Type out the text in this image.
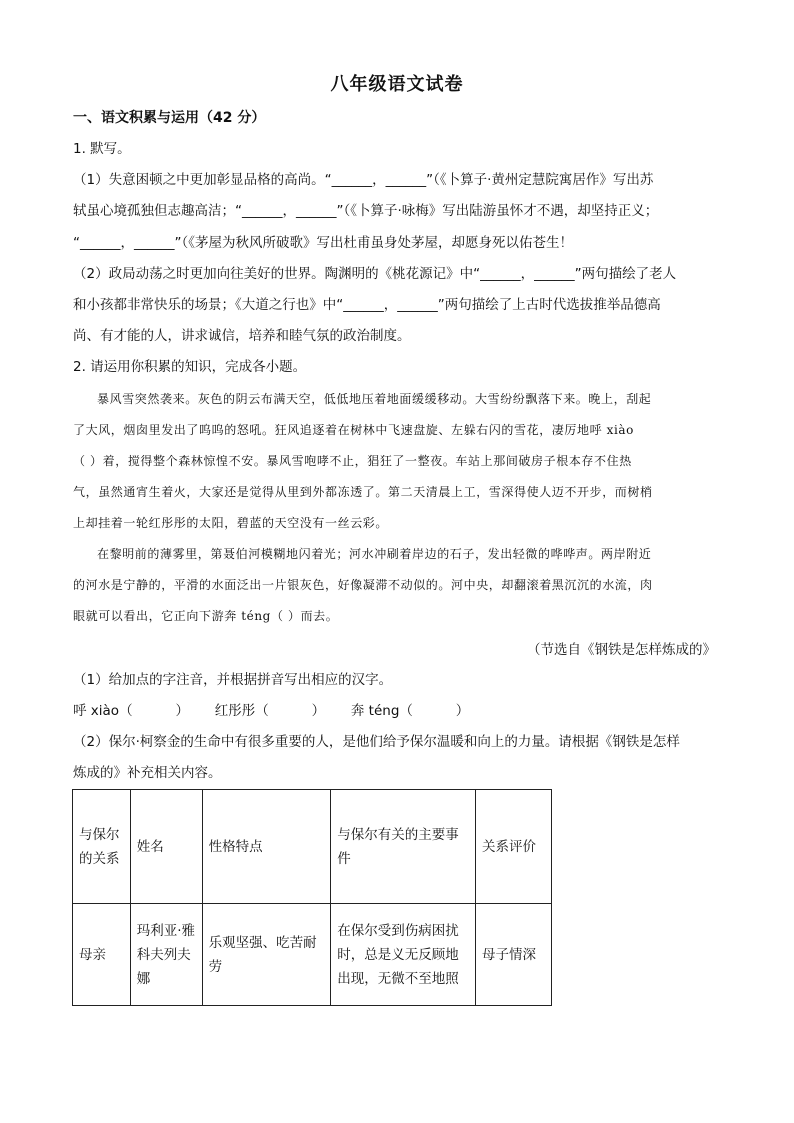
八年级语文试卷
一、语文积累与运用（42 分）
1. 默写。
（1）失意困顿之中更加彰显品格的高尚。“______，______”（《卜算子·黄州定慧院寓居作》写出苏
轼虽心境孤独但志趣高洁；“______，______”（《卜算子·咏梅》写出陆游虽怀才不遇，却坚持正义；
“______，______”（《茅屋为秋风所破歌》写出杜甫虽身处茅屋，却愿身死以佑苍生！
（2）政局动荡之时更加向往美好的世界。陶渊明的《桃花源记》中“______，______”两句描绘了老人
和小孩都非常快乐的场景；《大道之行也》中“______，______”两句描绘了上古时代选拔推举品德高
尚、有才能的人，讲求诚信，培养和睦气氛的政治制度。
2. 请运用你积累的知识，完成各小题。
暴风雪突然袭来。灰色的阴云布满天空，低低地压着地面缓缓移动。大雪纷纷飘落下来。晚上，刮起
了大风，烟囱里发出了呜呜的怒吼。狂风追逐着在树林中飞速盘旋、左躲右闪的雪花，凄厉地呼 xiào
（ ）着，搅得整个森林惊惶不安。暴风雪咆哮不止，猖狂了一整夜。车站上那间破房子根本存不住热
气，虽然通宵生着火，大家还是觉得从里到外都冻透了。第二天清晨上工，雪深得使人迈不开步，而树梢
上却挂着一轮红彤彤的太阳，碧蓝的天空没有一丝云彩。
在黎明前的薄雾里，第聂伯河模糊地闪着光；河水冲刷着岸边的石子，发出轻微的哗哗声。两岸附近
的河水是宁静的，平滑的水面泛出一片银灰色，好像凝滞不动似的。河中央，却翻滚着黑沉沉的水流，肉
眼就可以看出，它正向下游奔 téng（ ）而去。
（节选自《钢铁是怎样炼成的》
（1）给加点的字注音，并根据拼音写出相应的汉字。
呼 xiào（          ）      红彤彤（          ）      奔 téng（          ）
（2）保尔·柯察金的生命中有很多重要的人，是他们给予保尔温暖和向上的力量。请根据《钢铁是怎样
炼成的》补充相关内容。
与保尔的关系	姓名	性格特点	与保尔有关的主要事件	关系评价
母亲	玛利亚·雅科夫列夫娜	乐观坚强、吃苦耐劳	在保尔受到伤病困扰时，总是义无反顾地出现，无微不至地照	母子情深
